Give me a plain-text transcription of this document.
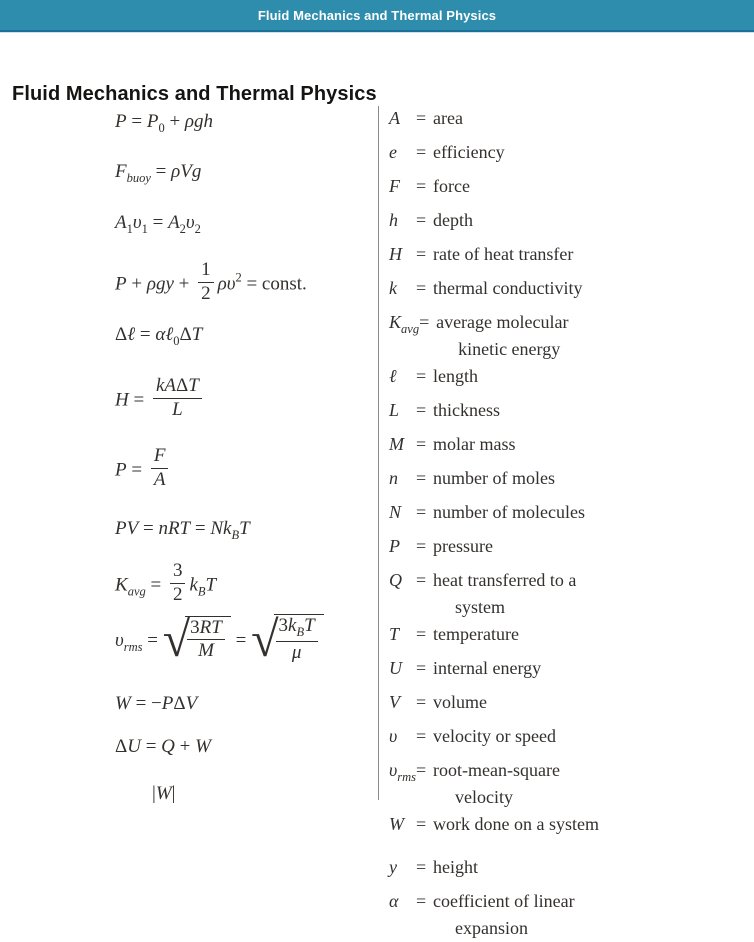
Fluid Mechanics and Thermal Physics
Fluid Mechanics and Thermal Physics
$P = P_0 + \rho gh$
$F_{buoy} = \rho Vg$
$A_1\upsilon_1 = A_2\upsilon_2$
$P + \rho gy + \frac{1}{2} \rho\upsilon^2$ = const.
Δℓ = αℓ$_0$ΔT
$H = \frac{\text{kAΔT}}{L}$
$P = \frac{F}{A}$
PV = nRT = $Nk_BT$
$K_{avg} = \frac{3}{2} k_BT$
$\upsilon_{rms}$ = √
$\frac{3RT}{M}$ = √
$\frac{3k_BT}{\mu}$
W = −PΔV
ΔU = Q + W
|W|
A = area
e	= efficiency
F = force
h	= depth
H = rate of heat transfer
k	= thermal conductivity
$K_{avg}$ = average molecular
kinetic energy
ℓ	= length
L = thickness
M = molar mass
n	= number of moles
N = number of molecules
P = pressure
Q = heat transferred to a
system
T = temperature
U = internal energy
V = volume
υ	= velocity or speed
$\upsilon_{rms}$ = root-mean-square
velocity
W = work done on a system
y	= height
α = coefficient of linear
expansion
